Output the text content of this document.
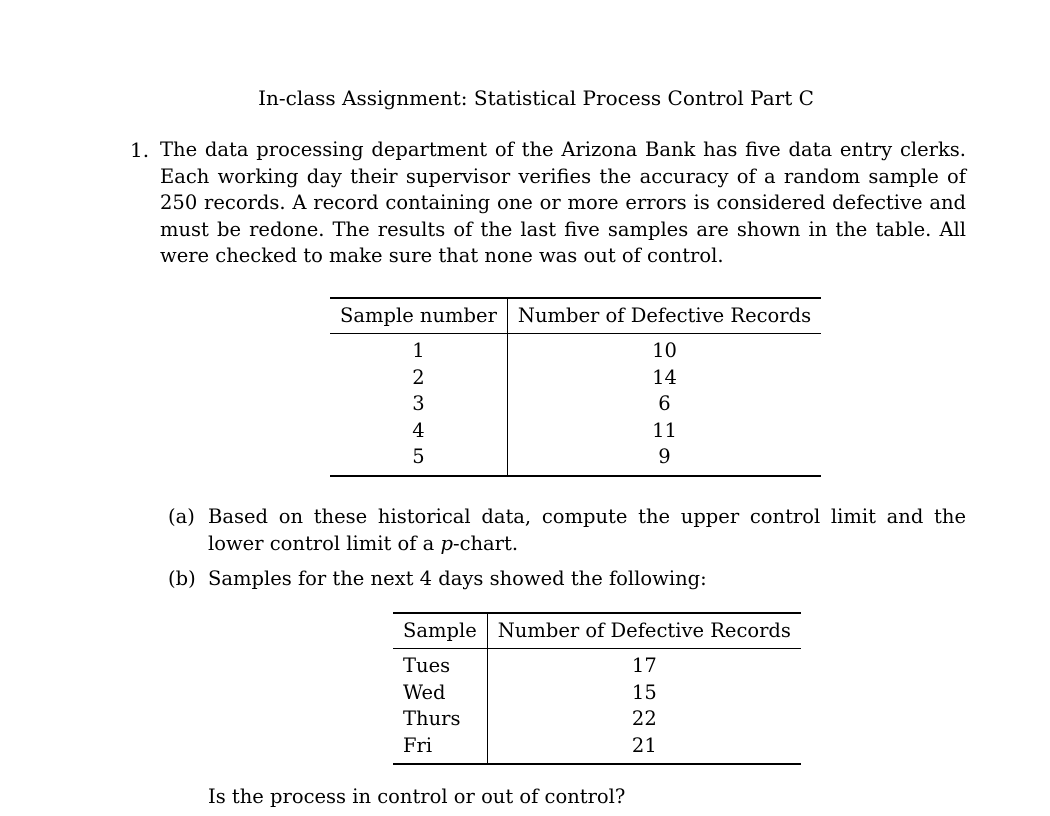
In-class Assignment: Statistical Process Control Part C
1. The data processing department of the Arizona Bank has five data entry clerks. Each working day their supervisor verifies the accuracy of a random sample of 250 records. A record containing one or more errors is considered defective and must be redone. The results of the last five samples are shown in the table. All were checked to make sure that none was out of control.
Sample number	Number of Defective Records
1	10
2	14
3	6
4	11
5	9
(a) Based on these historical data, compute the upper control limit and the lower control limit of a p-chart.
(b) Samples for the next 4 days showed the following:
Sample	Number of Defective Records
Tues	17
Wed	15
Thurs	22
Fri	21
Is the process in control or out of control?
